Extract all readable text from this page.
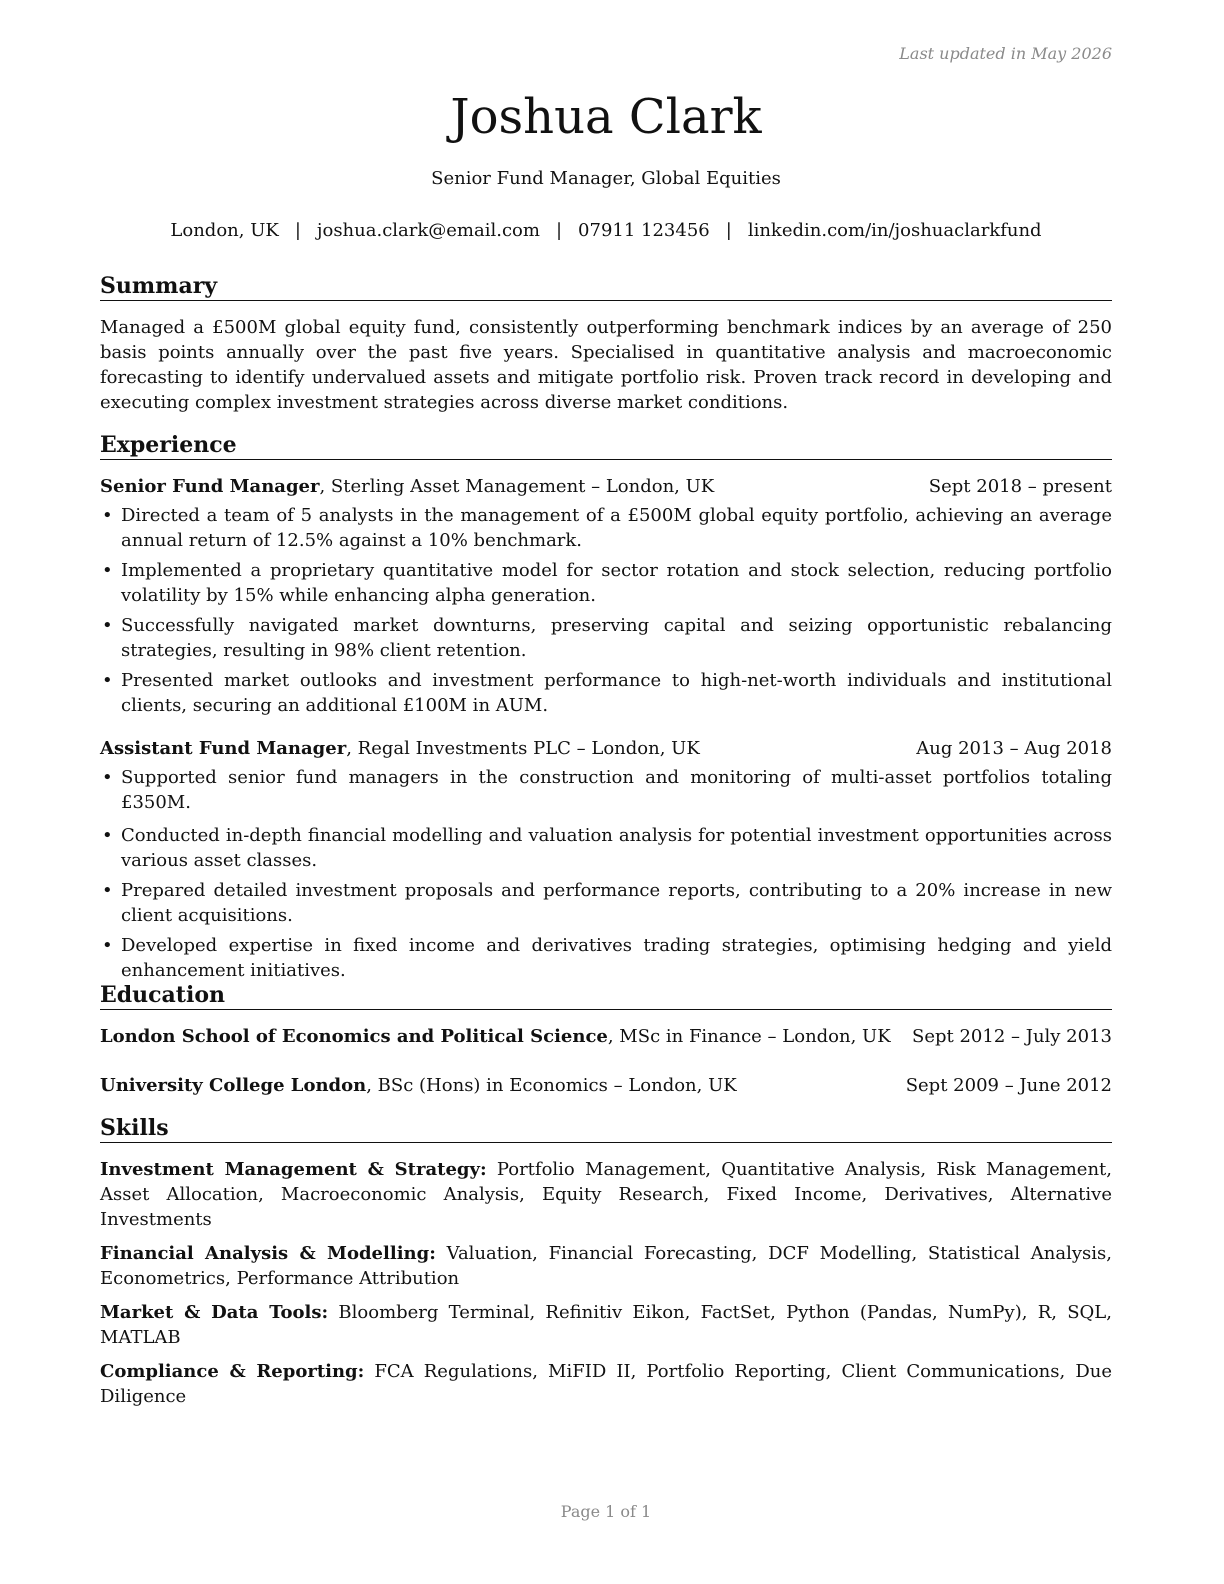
Last updated in May 2026
Joshua Clark
Senior Fund Manager, Global Equities
London, UK | joshua.clark@email.com | 07911 123456 | linkedin.com/in/joshuaclarkfund
Summary

Managed a £500M global equity fund, consistently outperforming benchmark indices by an average of 250 basis points annually over the past five years. Specialised in quantitative analysis and macroeconomic forecasting to identify undervalued assets and mitigate portfolio risk. Proven track record in developing and executing complex investment strategies across diverse market conditions.

Experience
Senior Fund Manager, Sterling Asset Management – London, UK	Sept 2018 – present
• Directed a team of 5 analysts in the management of a £500M global equity portfolio, achieving an average annual return of 12.5% against a 10% benchmark.
• Implemented a proprietary quantitative model for sector rotation and stock selection, reducing portfolio volatility by 15% while enhancing alpha generation.
• Successfully navigated market downturns, preserving capital and seizing opportunistic rebalancing strategies, resulting in 98% client retention.
• Presented market outlooks and investment performance to high-net-worth individuals and institutional clients, securing an additional £100M in AUM.
Assistant Fund Manager, Regal Investments PLC – London, UK	Aug 2013 – Aug 2018
• Supported senior fund managers in the construction and monitoring of multi-asset portfolios totaling £350M.
• Conducted in-depth financial modelling and valuation analysis for potential investment opportunities across various asset classes.
• Prepared detailed investment proposals and performance reports, contributing to a 20% increase in new client acquisitions.
• Developed expertise in fixed income and derivatives trading strategies, optimising hedging and yield enhancement initiatives.
Education
London School of Economics and Political Science, MSc in Finance – London, UK Sept 2012 – July 2013
University College London, BSc (Hons) in Economics – London, UK	Sept 2009 – June 2012
Skills
Investment Management & Strategy: Portfolio Management, Quantitative Analysis, Risk Management, Asset Allocation, Macroeconomic Analysis, Equity Research, Fixed Income, Derivatives, Alternative Investments
Financial Analysis & Modelling: Valuation, Financial Forecasting, DCF Modelling, Statistical Analysis, Econometrics, Performance Attribution
Market & Data Tools: Bloomberg Terminal, Refinitiv Eikon, FactSet, Python (Pandas, NumPy), R, SQL, MATLAB
Compliance & Reporting: FCA Regulations, MiFID II, Portfolio Reporting, Client Communications, Due Diligence
Page 1 of 1
